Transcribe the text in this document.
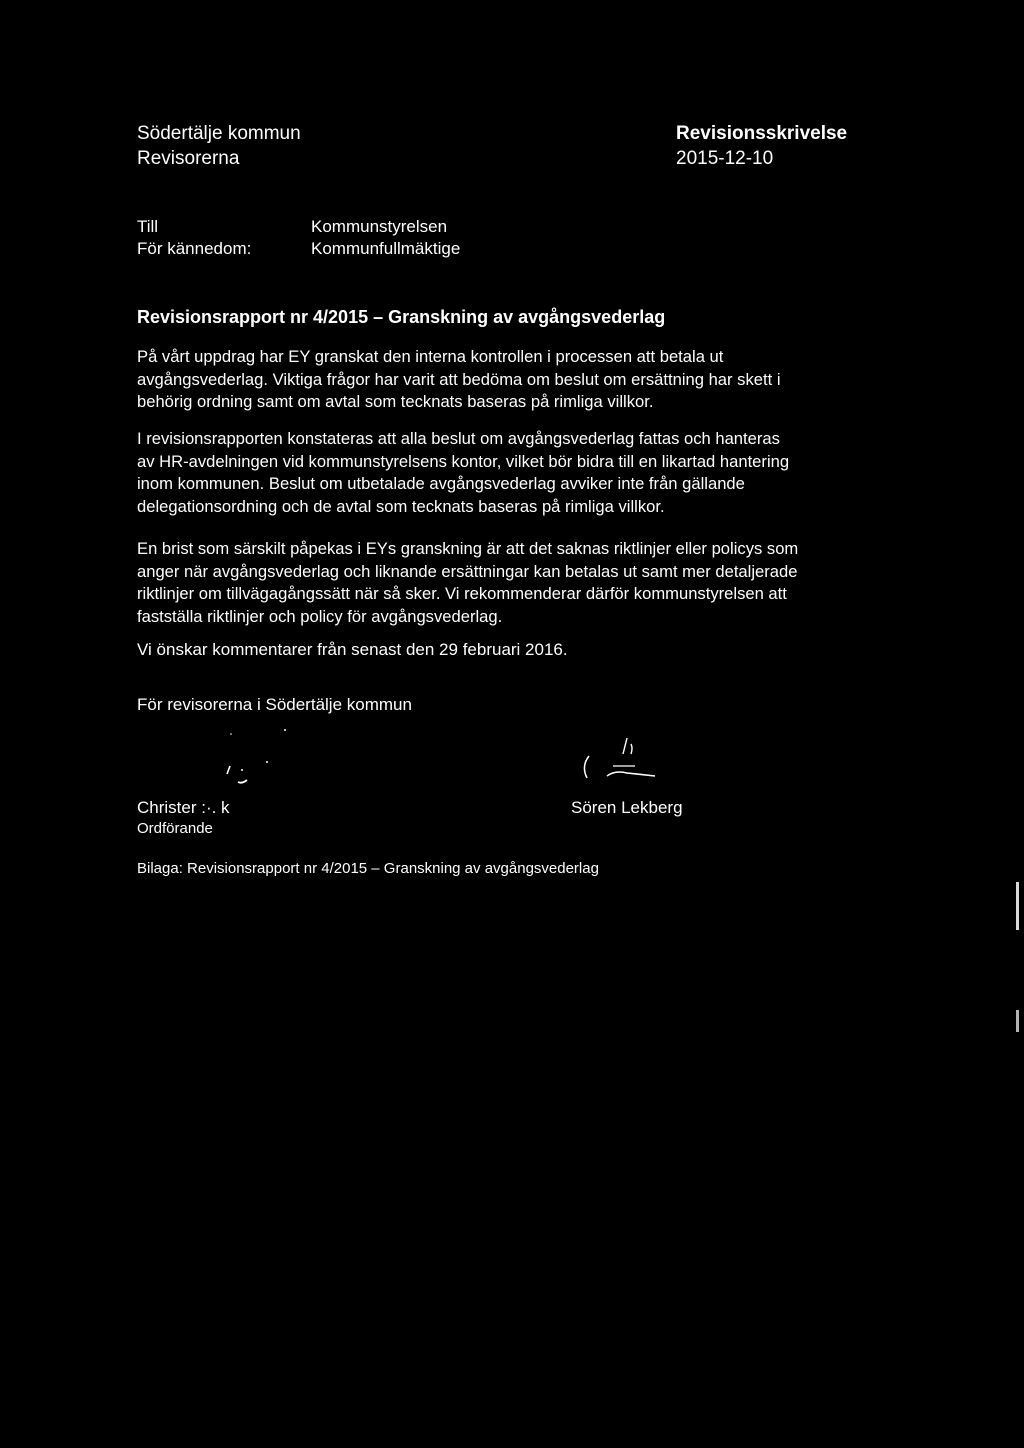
Södertälje kommun
Revisorerna
Revisionsskrivelse
2015-12-10
Till	Kommunstyrelsen
För kännedom:	Kommunfullmäktige
Revisionsrapport nr 4/2015 – Granskning av avgångsvederlag
På vårt uppdrag har EY granskat den interna kontrollen i processen att betala ut
avgångsvederlag. Viktiga frågor har varit att bedöma om beslut om ersättning har skett i
behörig ordning samt om avtal som tecknats baseras på rimliga villkor.
I revisionsrapporten konstateras att alla beslut om avgångsvederlag fattas och hanteras
av HR-avdelningen vid kommunstyrelsens kontor, vilket bör bidra till en likartad hantering
inom kommunen. Beslut om utbetalade avgångsvederlag avviker inte från gällande
delegationsordning och de avtal som tecknats baseras på rimliga villkor.
En brist som särskilt påpekas i EYs granskning är att det saknas riktlinjer eller policys som
anger när avgångsvederlag och liknande ersättningar kan betalas ut samt mer detaljerade
riktlinjer om tillvägagångssätt när så sker. Vi rekommenderar därför kommunstyrelsen att
fastställa riktlinjer och policy för avgångsvederlag.
Vi önskar kommentarer från senast den 29 februari 2016.
För revisorerna i Södertälje kommun
Christer :·. k
Ordförande
Sören Lekberg
Bilaga: Revisionsrapport nr 4/2015 – Granskning av avgångsvederlag
